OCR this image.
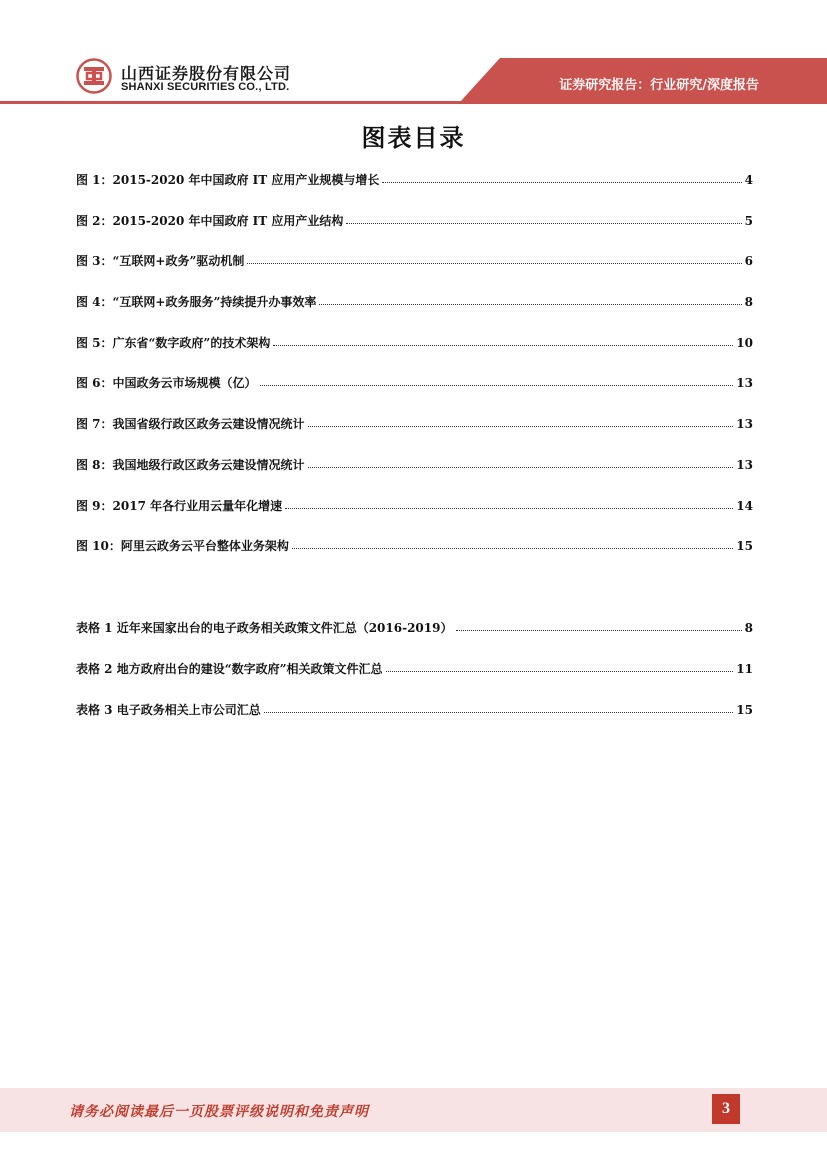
山西证券股份有限公司
SHANXI SECURITIES CO., LTD.	证券研究报告：行业研究/深度报告
图表目录
图 1：2015-2020 年中国政府 IT 应用产业规模与增长	4
图 2：2015-2020 年中国政府 IT 应用产业结构	5
图 3：“互联网+政务”驱动机制	6
图 4：“互联网+政务服务”持续提升办事效率	8
图 5：广东省“数字政府”的技术架构	10
图 6：中国政务云市场规模（亿）	13
图 7：我国省级行政区政务云建设情况统计	13
图 8：我国地级行政区政务云建设情况统计	13
图 9：2017 年各行业用云量年化增速	14
图 10：阿里云政务云平台整体业务架构	15
表格 1 近年来国家出台的电子政务相关政策文件汇总（2016-2019）	8
表格 2 地方政府出台的建设“数字政府”相关政策文件汇总	11
表格 3 电子政务相关上市公司汇总	15
请务必阅读最后一页股票评级说明和免责声明	3
